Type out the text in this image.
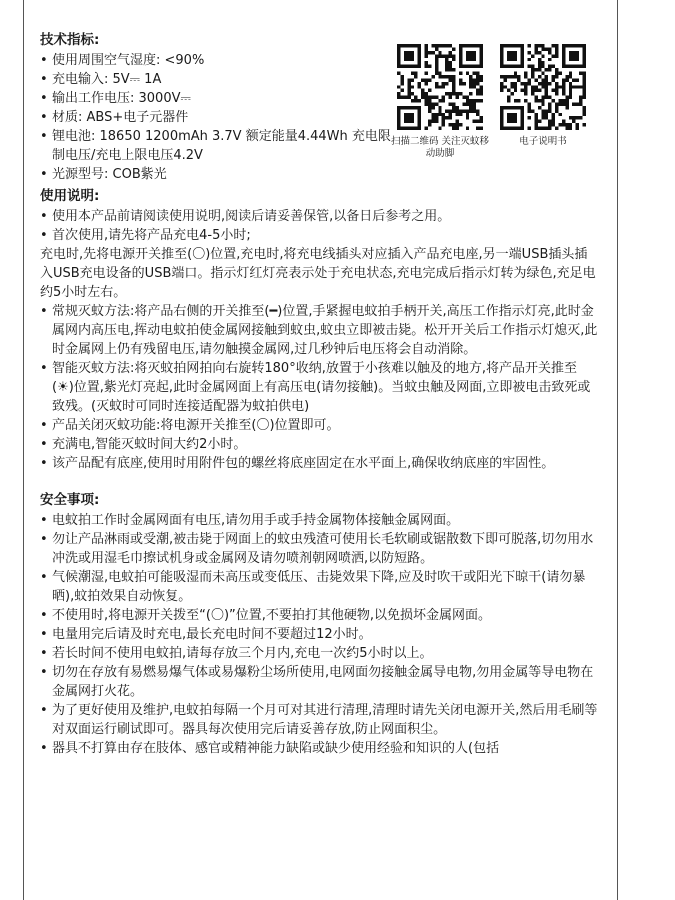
技术指标:
• 使用周围空气湿度: <90%
• 充电输入: 5V⎓ 1A
• 输出工作电压: 3000V⎓
• 材质: ABS+电子元器件
• 锂电池: 18650 1200mAh 3.7V 额定能量4.44Wh 充电限制电压/充电上限电压4.2V
• 光源型号: COB紫光
扫描二维码 关注灭蚊移动助脚
电子说明书
使用说明:
• 使用本产品前请阅读使用说明,阅读后请妥善保管,以备日后参考之用。
• 首次使用,请先将产品充电4-5小时;
充电时,先将电源开关推至(〇)位置,充电时,将充电线插头对应插入产品充电座,另一端USB插头插入USB充电设备的USB端口。指示灯红灯亮表示处于充电状态,充电完成后指示灯转为绿色,充足电约5小时左右。
• 常规灭蚊方法:将产品右侧的开关推至(━)位置,手紧握电蚊拍手柄开关,高压工作指示灯亮,此时金属网内高压电,挥动电蚊拍使金属网接触到蚊虫,蚊虫立即被击毙。松开开关后工作指示灯熄灭,此时金属网上仍有残留电压,请勿触摸金属网,过几秒钟后电压将会自动消除。
• 智能灭蚊方法:将灭蚊拍网拍向右旋转180°收纳,放置于小孩难以触及的地方,将产品开关推至(☀)位置,紫光灯亮起,此时金属网面上有高压电(请勿接触)。当蚊虫触及网面,立即被电击致死或致残。(灭蚊时可同时连接适配器为蚊拍供电)
• 产品关闭灭蚊功能:将电源开关推至(〇)位置即可。
• 充满电,智能灭蚊时间大约2小时。
• 该产品配有底座,使用时用附件包的螺丝将底座固定在水平面上,确保收纳底座的牢固性。
安全事项:
• 电蚊拍工作时金属网面有电压,请勿用手或手持金属物体接触金属网面。
• 勿让产品淋雨或受潮,被击毙于网面上的蚊虫残渣可使用长毛软刷或锯散数下即可脱落,切勿用水冲洗或用湿毛巾擦试机身或金属网及请勿喷剂朝网喷洒,以防短路。
• 气候潮湿,电蚊拍可能吸湿而未高压或变低压、击毙效果下降,应及时吹干或阳光下晾干(请勿暴晒),蚊拍效果自动恢复。
• 不使用时,将电源开关拨至“(〇)”位置,不要拍打其他硬物,以免损坏金属网面。
• 电量用完后请及时充电,最长充电时间不要超过12小时。
• 若长时间不使用电蚊拍,请每存放三个月内,充电一次约5小时以上。
• 切勿在存放有易燃易爆气体或易爆粉尘场所使用,电网面勿接触金属导电物,勿用金属等导电物在金属网打火花。
• 为了更好使用及维护,电蚊拍每隔一个月可对其进行清理,清理时请先关闭电源开关,然后用毛刷等对双面运行刷试即可。器具每次使用完后请妥善存放,防止网面积尘。
• 器具不打算由存在肢体、感官或精神能力缺陷或缺少使用经验和知识的人(包括
